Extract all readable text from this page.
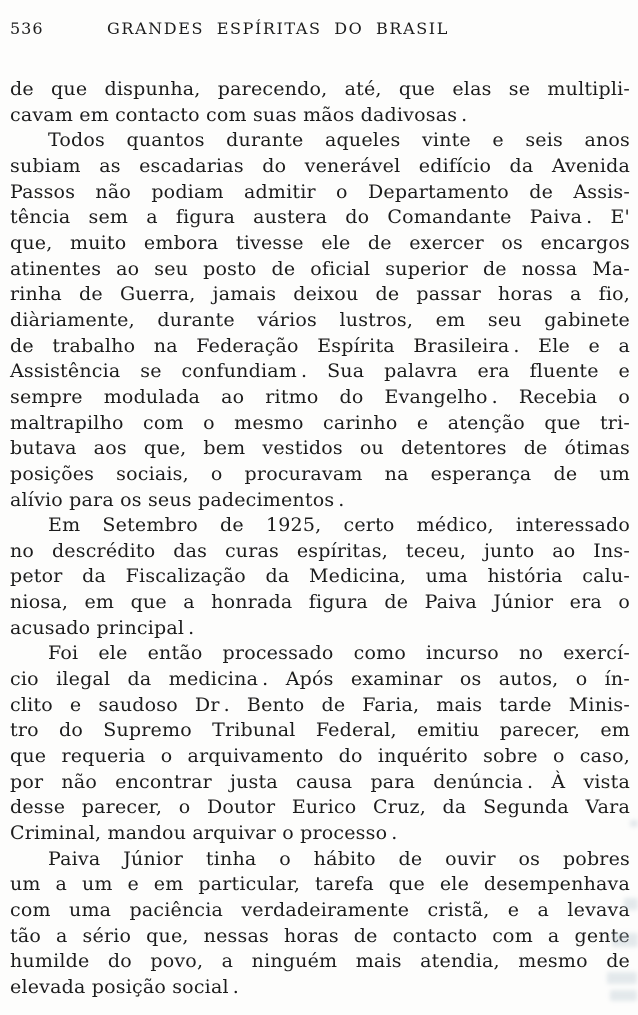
536	GRANDES ESPÍRITAS DO BRASIL

de que dispunha, parecendo, até, que elas se multipli-
cavam em contacto com suas mãos dadivosas .

Todos quantos durante aqueles vinte e seis anos
subiam as escadarias do venerável edifício da Avenida
Passos não podiam admitir o Departamento de Assis-
tência sem a figura austera do Comandante Paiva . E'
que, muito embora tivesse ele de exercer os encargos
atinentes ao seu posto de oficial superior de nossa Ma-
rinha de Guerra, jamais deixou de passar horas a fio,
diàriamente, durante vários lustros, em seu gabinete
de trabalho na Federação Espírita Brasileira . Ele e a
Assistência se confundiam . Sua palavra era fluente e
sempre modulada ao ritmo do Evangelho . Recebia o
maltrapilho com o mesmo carinho e atenção que tri-
butava aos que, bem vestidos ou detentores de ótimas
posições sociais, o procuravam na esperança de um
alívio para os seus padecimentos .

Em Setembro de 1925, certo médico, interessado
no descrédito das curas espíritas, teceu, junto ao Ins-
petor da Fiscalização da Medicina, uma história calu-
niosa, em que a honrada figura de Paiva Júnior era o
acusado principal .

Foi ele então processado como incurso no exercí-
cio ilegal da medicina . Após examinar os autos, o ín-
clito e saudoso Dr . Bento de Faria, mais tarde Minis-
tro do Supremo Tribunal Federal, emitiu parecer, em
que requeria o arquivamento do inquérito sobre o caso,
por não encontrar justa causa para denúncia . À vista
desse parecer, o Doutor Eurico Cruz, da Segunda Vara
Criminal, mandou arquivar o processo .

Paiva Júnior tinha o hábito de ouvir os pobres
um a um e em particular, tarefa que ele desempenhava
com uma paciência verdadeiramente cristã, e a levava
tão a sério que, nessas horas de contacto com a gente
humilde do povo, a ninguém mais atendia, mesmo de
elevada posição social .
